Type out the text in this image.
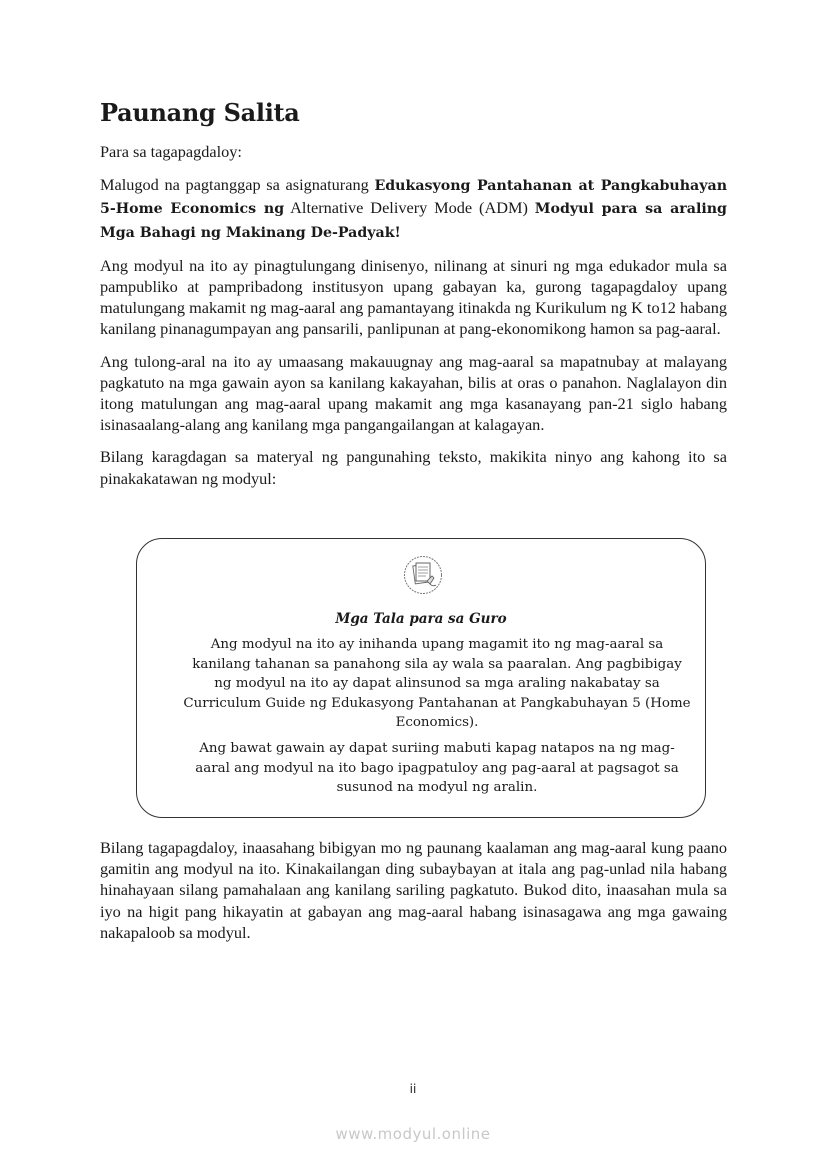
Paunang Salita

Para sa tagapagdaloy:

Malugod na pagtanggap sa asignaturang Edukasyong Pantahanan at Pangkabuhayan 5-Home Economics ng Alternative Delivery Mode (ADM) Modyul para sa araling Mga Bahagi ng Makinang De-Padyak!

Ang modyul na ito ay pinagtulungang dinisenyo, nilinang at sinuri ng mga edukador mula sa pampubliko at pampribadong institusyon upang gabayan ka, gurong tagapagdaloy upang matulungang makamit ng mag-aaral ang pamantayang itinakda ng Kurikulum ng K to12 habang kanilang pinanagumpayan ang pansarili, panlipunan at pang-ekonomikong hamon sa pag-aaral.

Ang tulong-aral na ito ay umaasang makauugnay ang mag-aaral sa mapatnubay at malayang pagkatuto na mga gawain ayon sa kanilang kakayahan, bilis at oras o panahon. Naglalayon din itong matulungan ang mag-aaral upang makamit ang mga kasanayang pan-21 siglo habang isinasaalang-alang ang kanilang mga pangangailangan at kalagayan.

Bilang karagdagan sa materyal ng pangunahing teksto, makikita ninyo ang kahong ito sa pinakakatawan ng modyul:

Mga Tala para sa Guro

Ang modyul na ito ay inihanda upang magamit ito ng mag-aaral sa kanilang tahanan sa panahong sila ay wala sa paaralan. Ang pagbibigay ng modyul na ito ay dapat alinsunod sa mga araling nakabatay sa Curriculum Guide ng Edukasyong Pantahanan at Pangkabuhayan 5 (Home Economics).

Ang bawat gawain ay dapat suriing mabuti kapag natapos na ng mag-aaral ang modyul na ito bago ipagpatuloy ang pag-aaral at pagsagot sa susunod na modyul ng aralin.

Bilang tagapagdaloy, inaasahang bibigyan mo ng paunang kaalaman ang mag-aaral kung paano gamitin ang modyul na ito. Kinakailangan ding subaybayan at itala ang pag-unlad nila habang hinahayaan silang pamahalaan ang kanilang sariling pagkatuto. Bukod dito, inaasahan mula sa iyo na higit pang hikayatin at gabayan ang mag-aaral habang isinasagawa ang mga gawaing nakapaloob sa modyul.

ii
www.modyul.online
